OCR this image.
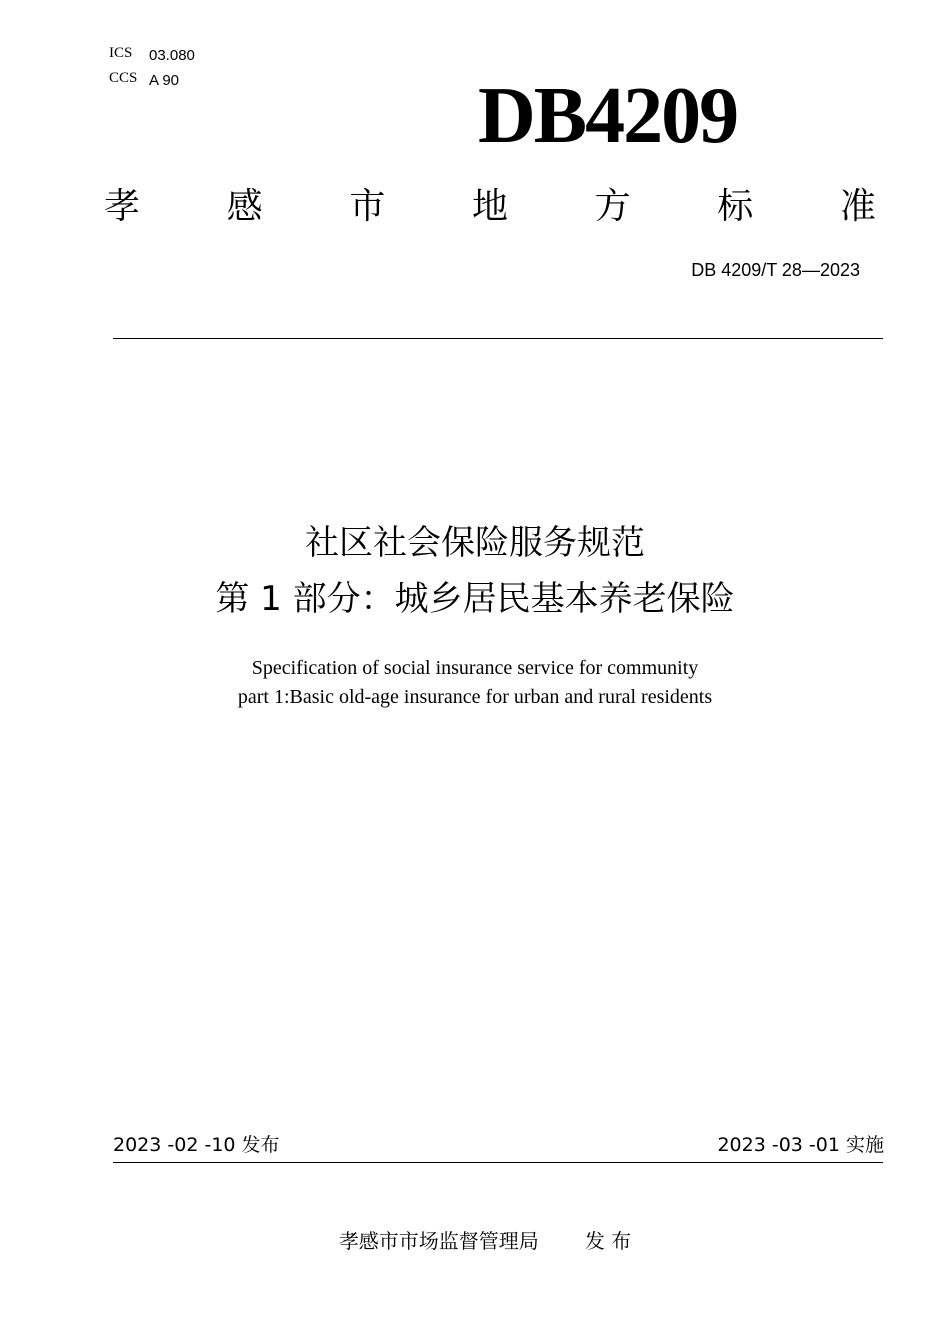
ICS 03.080
CCS A 90	DB4209
孝 感 市 地 方 标 准
DB 4209/T 28—2023
社区社会保险服务规范
第 1 部分：城乡居民基本养老保险
Specification of social insurance service for community
part 1:Basic old-age insurance for urban and rural residents
2023 -02 -10 发布	2023 -03 -01 实施
孝感市市场监督管理局 发 布
